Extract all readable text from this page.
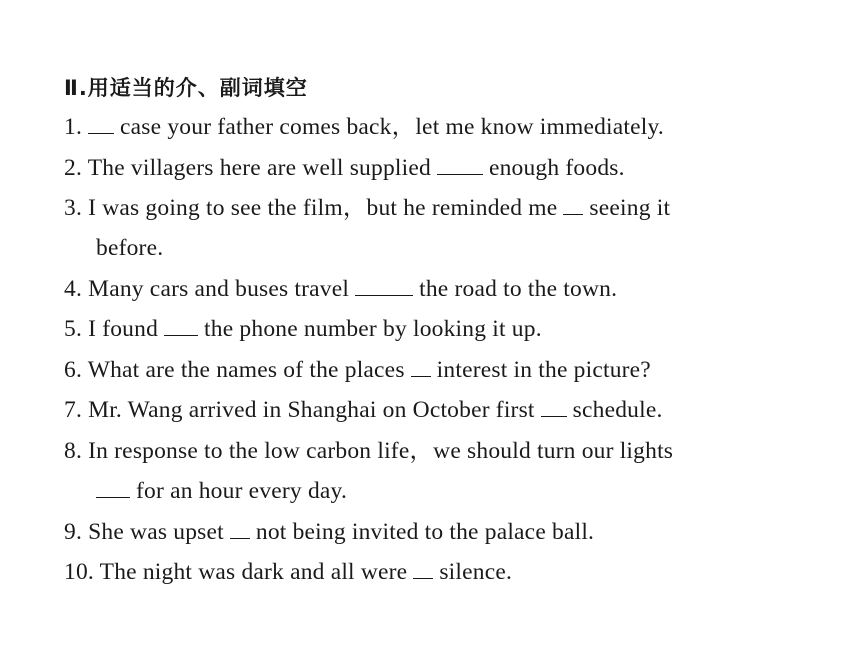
Ⅱ.用适当的介、副词填空
1. case your father comes back，let me know immediately.
2. The villagers here are well supplied enough foods.
3. I was going to see the film，but he reminded me seeing it
before.
4. Many cars and buses travel	the road to the town.
5. I found the phone number by looking it up.
6. What are the names of the places interest in the picture?
7. Mr. Wang arrived in Shanghai on October first schedule.
8. In response to the low carbon life，we should turn our lights
for an hour every day.
9. She was upset not being invited to the palace ball.
10. The night was dark and all were silence.
